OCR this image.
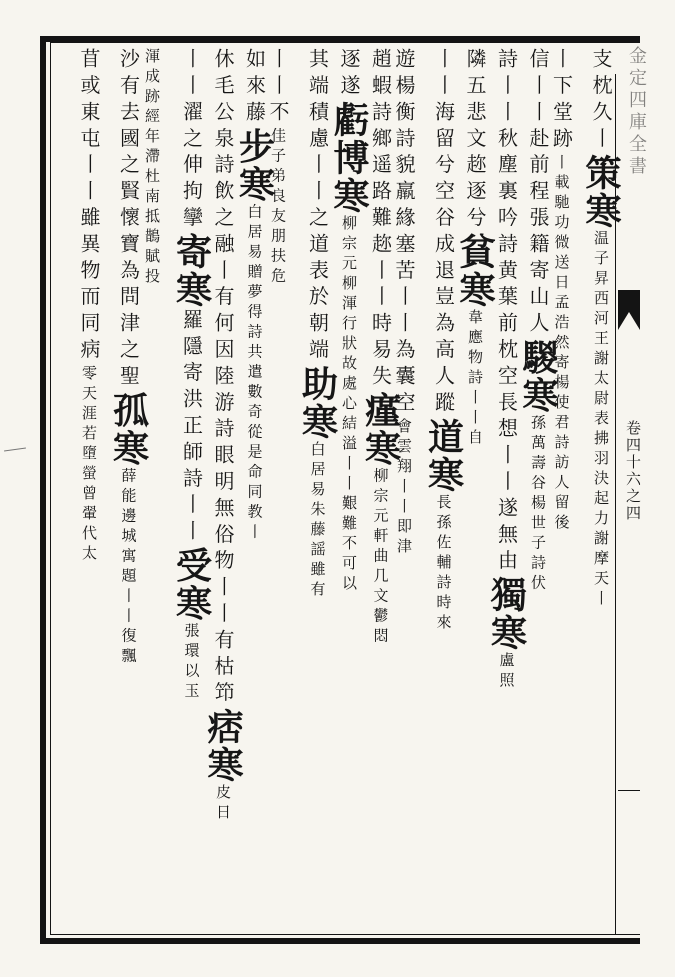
金定四庫全書
卷四十六之四
支枕久丨策寒温子昇西河王謝太尉表拂羽決起力謝摩天丨
丨下堂跡丨載馳功微送日孟浩然寄楊使君詩訪人留後
信丨丨赴前程張籍寄山人騣寒孫萬壽谷楊世子詩伏
詩丨丨秋塵裏吟詩黄葉前枕空長想丨丨遂無由獨寒盧照
隣五悲文趂逐兮貧寒韋應物詩丨丨自
丨丨海留兮空谷成退豈為高人蹤道寒長孫佐輔詩時來
遊楊衡詩貌羸緣塞苦丨丨為囊空會雲翔丨丨即津
趙蝦詩鄉遥路難趂丨丨時易失瘽寒柳宗元軒曲几文鬱悶
逐遂虧博寒柳宗元柳渾行狀故處心結溢丨丨艱難不可以
其端積慮丨丨之道表於朝端助寒白居易朱藤謡雖有
丨丨不佳子弟良友朋扶危
如來藤步寒白居易贈夢得詩共遣數奇從是命同教丨
休毛公泉詩飲之融丨有何因陸游詩眼明無俗物丨丨有枯笻痞寒皮日
丨丨濯之伸拘攣寄寒羅隱寄洪正師詩丨丨受寒張環以玉
渾成跡經年滯杜南抵鵲賦投
沙有去國之賢懷寶為問津之聖孤寒薛能邊城寓題丨丨復飄
苜或東屯丨丨雖異物而同病零天涯若墮螢曾翬代太
